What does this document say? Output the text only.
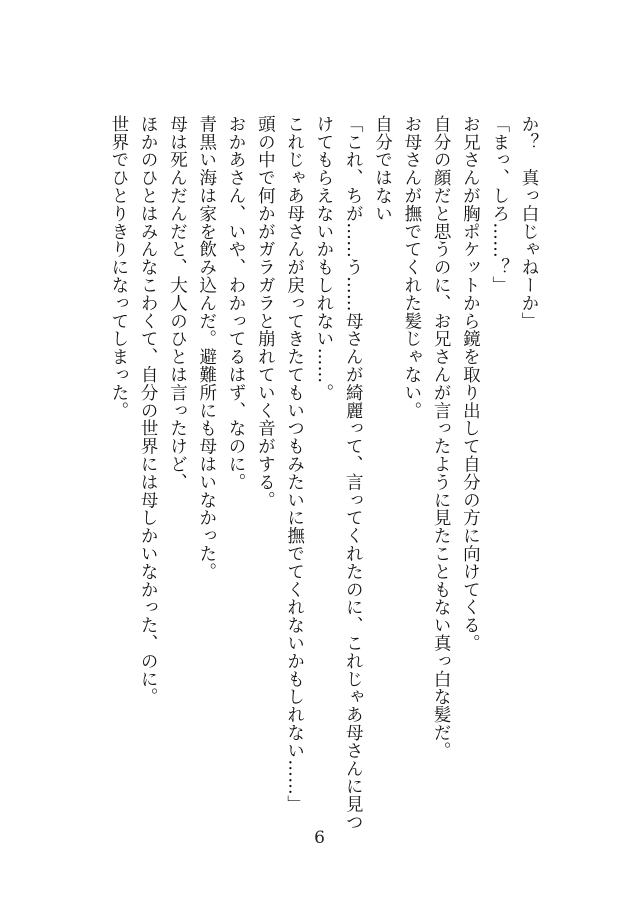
か？　真っ白じゃねーか」
「まっ、しろ……？」
お兄さんが胸ポケットから鏡を取り出して自分の方に向けてくる。
自分の顔だと思うのに、お兄さんが言ったように見たこともない真っ白な髪だ。
お母さんが撫でてくれた髪じゃない。
自分ではない
「これ、ちが……う……母さんが綺麗って、言ってくれたのに、これじゃあ母さんに見つ
けてもらえないかもしれない……。
これじゃあ母さんが戻ってきたてもいつもみたいに撫でてくれないかもしれない……」
頭の中で何かがガラガラと崩れていく音がする。
おかあさん、いや、わかってるはず、なのに。
青黒い海は家を飲み込んだ。避難所にも母はいなかった。
母は死んだんだと、大人のひとは言ったけど、
ほかのひとはみんなこわくて、自分の世界には母しかいなかった、のに。
世界でひとりきりになってしまった。
6
